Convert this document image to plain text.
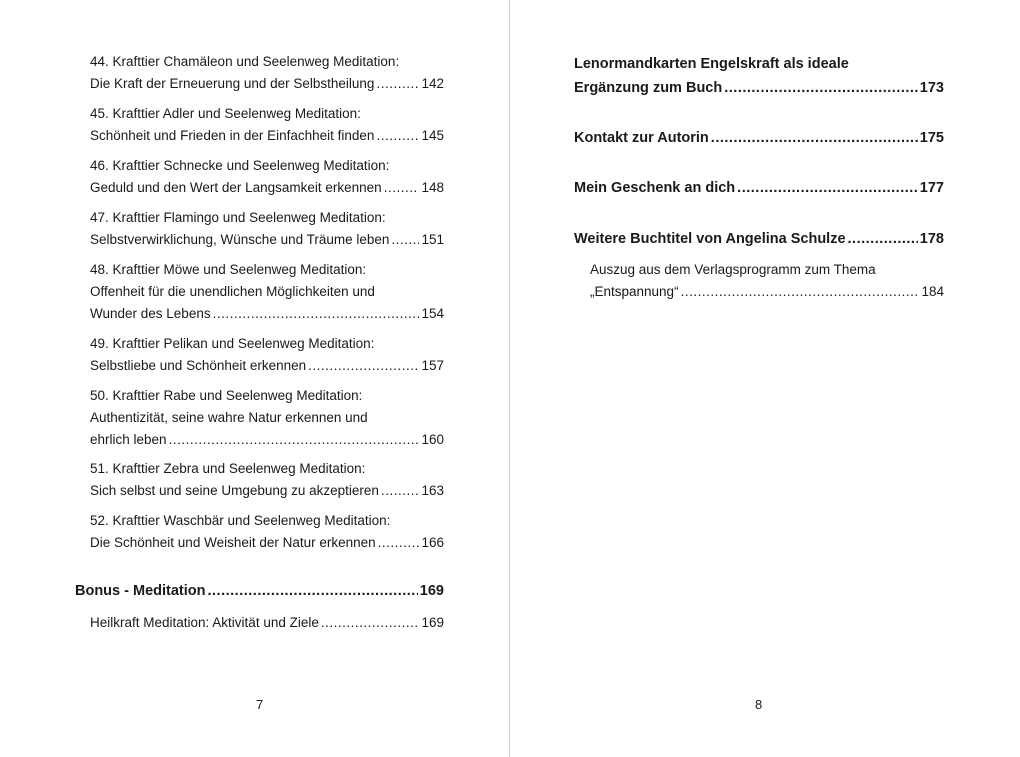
44. Krafttier Chamäleon und Seelenweg Meditation:
Die Kraft der Erneuerung und der Selbstheilung .....	142
45. Krafttier Adler und Seelenweg Meditation:
Schönheit und Frieden in der Einfachheit finden .....	145
46. Krafttier Schnecke und Seelenweg Meditation:
Geduld und den Wert der Langsamkeit erkennen .....	148
47. Krafttier Flamingo und Seelenweg Meditation:
Selbstverwirklichung, Wünsche und Träume leben ..... 151
48. Krafttier Möwe und Seelenweg Meditation:
Offenheit für die unendlichen Möglichkeiten und
Wunder des Lebens .....	154
49. Krafttier Pelikan und Seelenweg Meditation:
Selbstliebe und Schönheit erkennen .....	157
50. Krafttier Rabe und Seelenweg Meditation:
Authentizität, seine wahre Natur erkennen und
ehrlich leben .....	160
51. Krafttier Zebra und Seelenweg Meditation:
Sich selbst und seine Umgebung zu akzeptieren .....	163
52. Krafttier Waschbär und Seelenweg Meditation:
Die Schönheit und Weisheit der Natur erkennen .....	166
Bonus - Meditation .....	169
Heilkraft Meditation: Aktivität und Ziele .....	169
7
Lenormandkarten Engelskraft als ideale
Ergänzung zum Buch .....	173
Kontakt zur Autorin .....	175
Mein Geschenk an dich .....	177
Weitere Buchtitel von Angelina Schulze .....	178
Auszug aus dem Verlagsprogramm zum Thema
„Entspannung“ .....	184
8
